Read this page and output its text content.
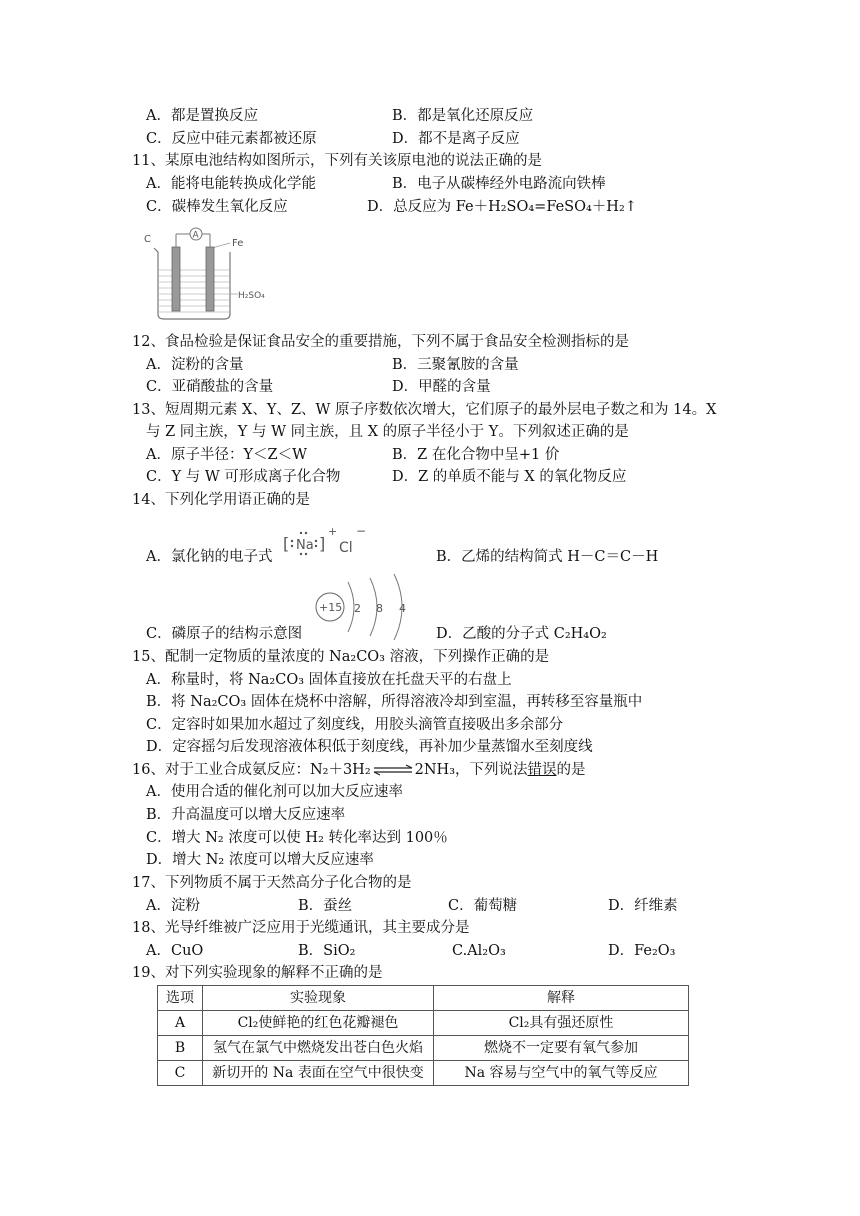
A．都是置换反应	B．都是氧化还原反应
C．反应中硅元素都被还原	D．都不是离子反应
11、某原电池结构如图所示，下列有关该原电池的说法正确的是
A．能将电能转换成化学能	B．电子从碳棒经外电路流向铁棒
C．碳棒发生氧化反应	D．总反应为 Fe＋H₂SO₄=FeSO₄＋H₂↑
C	A
Fe
H₂SO₄
12、食品检验是保证食品安全的重要措施，下列不属于食品安全检测指标的是
A．淀粉的含量	B．三聚氰胺的含量
C．亚硝酸盐的含量	D．甲醛的含量
13、短周期元素 X、Y、Z、W 原子序数依次增大，它们原子的最外层电子数之和为 14。X
与 Z 同主族，Y 与 W 同主族，且 X 的原子半径小于 Y。下列叙述正确的是
A．原子半径：Y＜Z＜W	B．Z 在化合物中呈+1 价
C．Y 与 W 可形成离子化合物	D．Z 的单质不能与 X 的氧化物反应
14、下列化学用语正确的是
A．氯化钠的电子式
[ Na ]
+
Cl
−
B．乙烯的结构简式 H－C＝C－H
+15 2 8 4
C．磷原子的结构示意图	D．乙酸的分子式 C₂H₄O₂
15、配制一定物质的量浓度的 Na₂CO₃ 溶液，下列操作正确的是
A．称量时，将 Na₂CO₃ 固体直接放在托盘天平的右盘上
B．将 Na₂CO₃ 固体在烧杯中溶解，所得溶液冷却到室温，再转移至容量瓶中
C．定容时如果加水超过了刻度线，用胶头滴管直接吸出多余部分
D．定容摇匀后发现溶液体积低于刻度线，再补加少量蒸馏水至刻度线
16、对于工业合成氨反应：N₂＋3H₂⇌2NH₃，下列说法错误的是
A．使用合适的催化剂可以加大反应速率
B．升高温度可以增大反应速率
C．增大 N₂ 浓度可以使 H₂ 转化率达到 100％
D．增大 N₂ 浓度可以增大反应速率
17、下列物质不属于天然高分子化合物的是
A．淀粉	B．蚕丝	C．葡萄糖	D．纤维素
18、光导纤维被广泛应用于光缆通讯，其主要成分是
A．CuO	B．SiO₂	C.Al₂O₃	D．Fe₂O₃
19、对下列实验现象的解释不正确的是
选项	实验现象	解释
A	Cl₂使鲜艳的红色花瓣褪色	Cl₂具有强还原性
B	氢气在氯气中燃烧发出苍白色火焰	燃烧不一定要有氧气参加
C	新切开的 Na 表面在空气中很快变	Na 容易与空气中的氧气等反应
